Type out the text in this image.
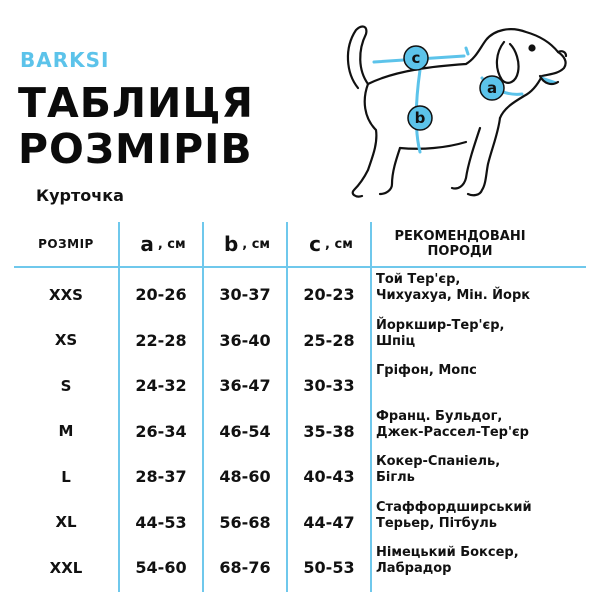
BARKSI
ТАБЛИЦЯ
РОЗМІРІВ
Курточка
c
a
b
РОЗМІР	a , см b , см c , см	РЕКОМЕНДОВАНІ
ПОРОДИ
XXS	20-26	30-37	20-23
Той Тер'єр,
Чихуахуа, Мін. Йорк
XS	22-28	36-40	25-28
Йоркшир-Тер'єр,
Шпіц
S	24-32	36-47	30-33
Гріфон, Мопс
M	26-34	46-54	35-38
Франц. Бульдог,
Джек-Рассел-Тер'єр
L	28-37	48-60	40-43
Кокер-Спаніель,
Бігль
XL	44-53	56-68	44-47
Стаффордширський
Терьер, Пітбуль
XXL	54-60	68-76	50-53
Німецький Боксер,
Лабрадор
